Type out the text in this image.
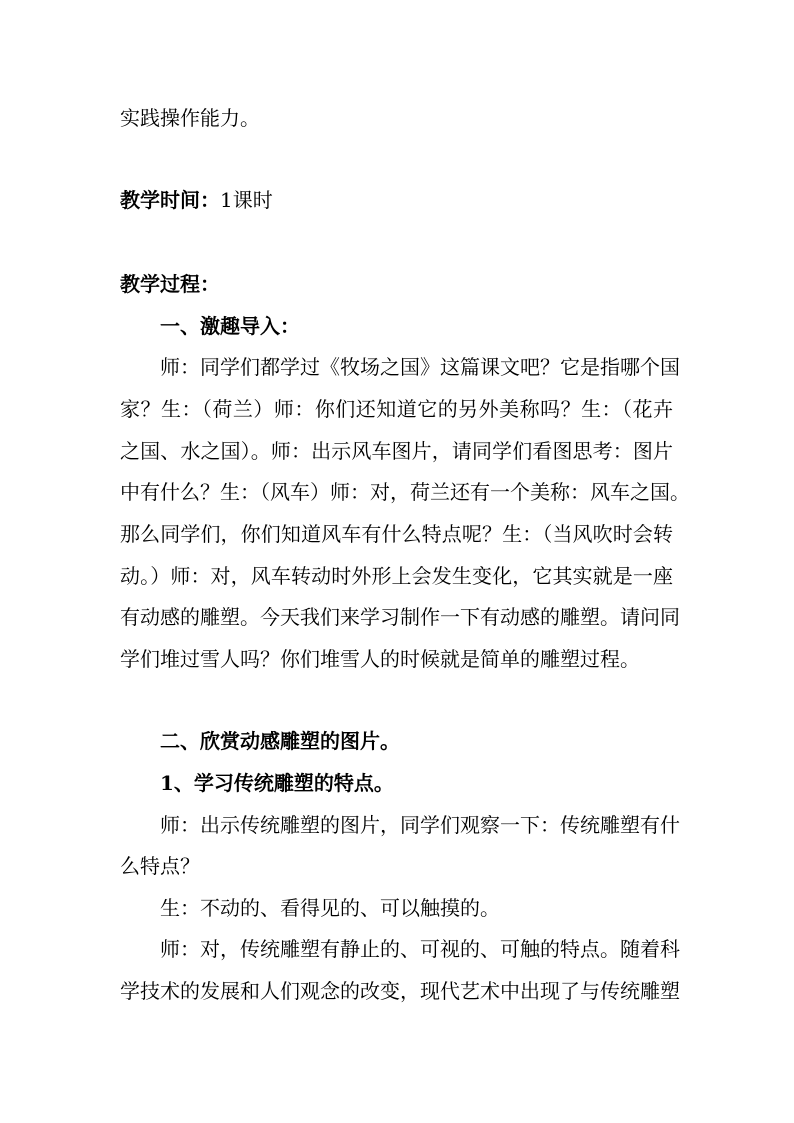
实践操作能力。
教学时间：1课时
教学过程：
一、激趣导入：
师：同学们都学过《牧场之国》这篇课文吧？它是指哪个国
家？生：（荷兰）师：你们还知道它的另外美称吗？生：（花卉
之国、水之国）。师：出示风车图片，请同学们看图思考：图片
中有什么？生：（风车）师：对，荷兰还有一个美称：风车之国。
那么同学们，你们知道风车有什么特点呢？生：（当风吹时会转
动。）师：对，风车转动时外形上会发生变化，它其实就是一座
有动感的雕塑。今天我们来学习制作一下有动感的雕塑。请问同
学们堆过雪人吗？你们堆雪人的时候就是简单的雕塑过程。
二、欣赏动感雕塑的图片。
1、学习传统雕塑的特点。
师：出示传统雕塑的图片，同学们观察一下：传统雕塑有什
么特点？
生：不动的、看得见的、可以触摸的。
师：对，传统雕塑有静止的、可视的、可触的特点。随着科
学技术的发展和人们观念的改变，现代艺术中出现了与传统雕塑
